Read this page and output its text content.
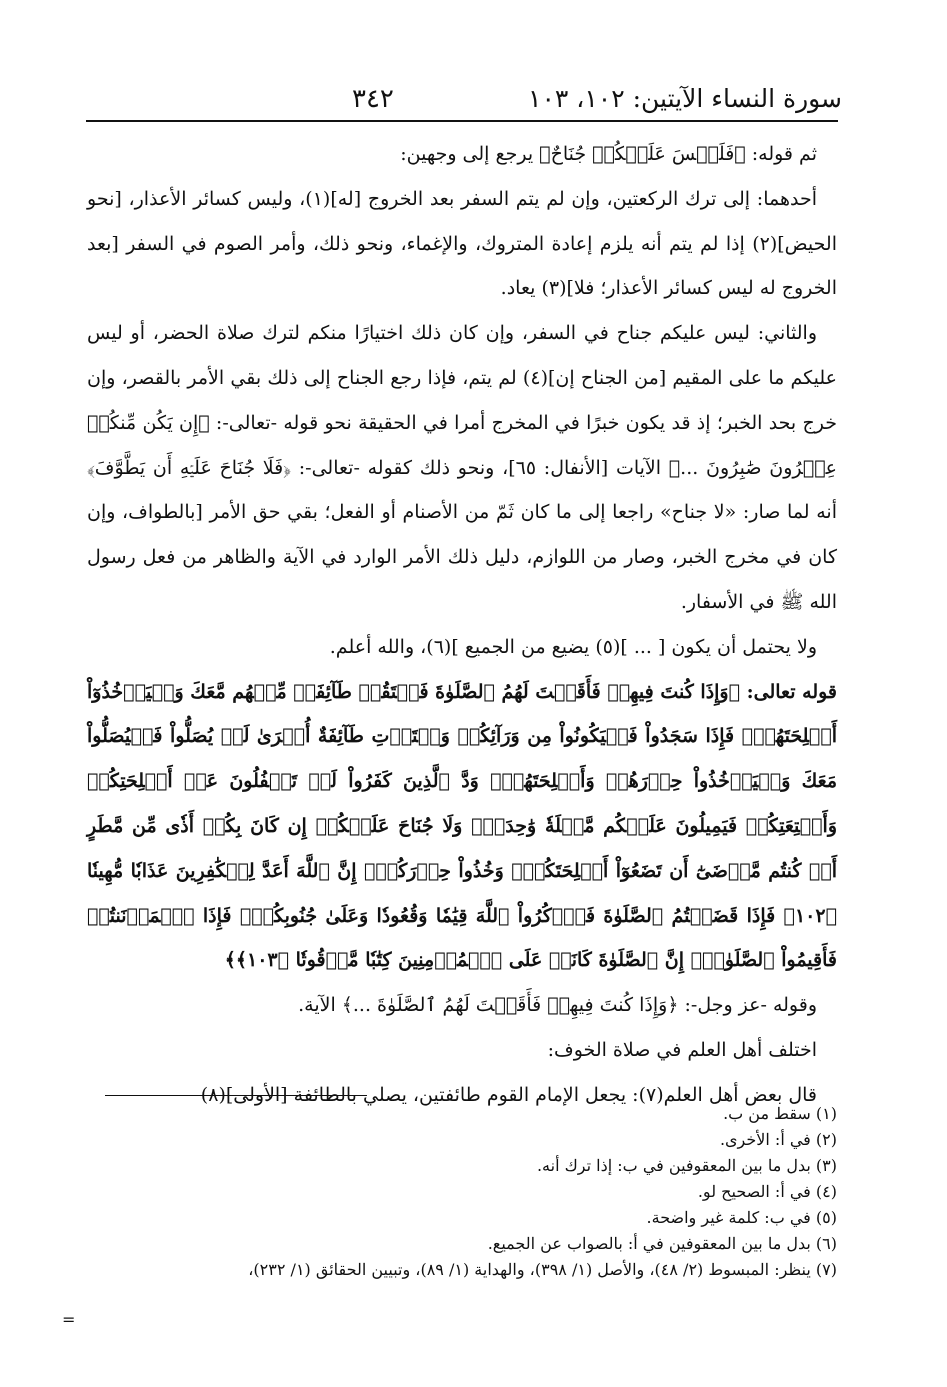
سورة النساء الآيتين: ١٠٢، ١٠٣
٣٤٢

ثم قوله: ﴿فَلَيۡسَ عَلَيۡكُمۡ جُنَاحٌ﴾ يرجع إلى وجهين:

أحدهما: إلى ترك الركعتين، وإن لم يتم السفر بعد الخروج [له](١)، وليس كسائر الأعذار، [نحو الحيض](٢) إذا لم يتم أنه يلزم إعادة المتروك، والإغماء، ونحو ذلك، وأمر الصوم في السفر [بعد الخروج له ليس كسائر الأعذار؛ فلا](٣) يعاد.

والثاني: ليس عليكم جناح في السفر، وإن كان ذلك اختيارًا منكم لترك صلاة الحضر، أو ليس عليكم ما على المقيم [من الجناح إن](٤) لم يتم، فإذا رجع الجناح إلى ذلك بقي الأمر بالقصر، وإن خرج بحد الخبر؛ إذ قد يكون خبرًا في المخرج أمرا في الحقيقة نحو قوله -تعالى-: ﴿إِن يَكُن مِّنكُمۡ عِشۡرُونَ صَٰبِرُونَ ...﴾ الآيات [الأنفال: ٦٥]، ونحو ذلك كقوله -تعالى-: ﴿فَلَا جُنَاحَ عَلَيۡهِ أَن يَطَّوَّفَ﴾ أنه لما صار: «لا جناح» راجعا إلى ما كان ثَمّ من الأصنام أو الفعل؛ بقي حق الأمر [بالطواف، وإن كان في مخرج الخبر، وصار من اللوازم، دليل ذلك الأمر الوارد في الآية والظاهر من فعل رسول الله ﷺ في الأسفار.

ولا يحتمل أن يكون [ ... ](٥) يضيع من الجميع ](٦)، والله أعلم.

قوله تعالى: ﴿وَإِذَا كُنتَ فِيهِمۡ فَأَقَمۡتَ لَهُمُ ٱلصَّلَوٰةَ فَلۡتَقُمۡ طَآئِفَةٞ مِّنۡهُم مَّعَكَ وَلۡيَأۡخُذُوٓاْ أَسۡلِحَتَهُمۡۖ فَإِذَا سَجَدُواْ فَلۡيَكُونُواْ مِن وَرَآئِكُمۡ وَلۡتَأۡتِ طَآئِفَةٌ أُخۡرَىٰ لَمۡ يُصَلُّواْ فَلۡيُصَلُّواْ مَعَكَ وَلۡيَأۡخُذُواْ حِذۡرَهُمۡ وَأَسۡلِحَتَهُمۡۗ وَدَّ ٱلَّذِينَ كَفَرُواْ لَوۡ تَغۡفُلُونَ عَنۡ أَسۡلِحَتِكُمۡ وَأَمۡتِعَتِكُمۡ فَيَمِيلُونَ عَلَيۡكُم مَّيۡلَةٗ وَٰحِدَةٗۚ وَلَا جُنَاحَ عَلَيۡكُمۡ إِن كَانَ بِكُمۡ أَذٗى مِّن مَّطَرٍ أَوۡ كُنتُم مَّرۡضَىٰٓ أَن تَضَعُوٓاْ أَسۡلِحَتَكُمۡۖ وَخُذُواْ حِذۡرَكُمۡۗ إِنَّ ٱللَّهَ أَعَدَّ لِلۡكَٰفِرِينَ عَذَابٗا مُّهِينٗا ﴿١٠٢﴾ فَإِذَا قَضَيۡتُمُ ٱلصَّلَوٰةَ فَٱذۡكُرُواْ ٱللَّهَ قِيَٰمٗا وَقُعُودٗا وَعَلَىٰ جُنُوبِكُمۡۚ فَإِذَا ٱطۡمَأۡنَنتُمۡ فَأَقِيمُواْ ٱلصَّلَوٰةَۚ إِنَّ ٱلصَّلَوٰةَ كَانَتۡ عَلَى ٱلۡمُؤۡمِنِينَ كِتَٰبٗا مَّوۡقُوتٗا ﴿١٠٣﴾﴾

وقوله -عز وجل-: ﴿وَإِذَا كُنتَ فِيهِمۡ فَأَقَمۡتَ لَهُمُ ٱلصَّلَوٰةَ ...﴾ الآية.

اختلف أهل العلم في صلاة الخوف:

قال بعض أهل العلم(٧): يجعل الإمام القوم طائفتين، يصلي بالطائفة [الأولى](٨)

(١) سقط من ب.

(٢) في أ: الأخرى.

(٣) بدل ما بين المعقوفين في ب: إذا ترك أنه.

(٤) في أ: الصحيح لو.

(٥) في ب: كلمة غير واضحة.

(٦) بدل ما بين المعقوفين في أ: بالصواب عن الجميع.

(٧) ينظر: المبسوط (٢/ ٤٨)، والأصل (١/ ٣٩٨)، والهداية (١/ ٨٩)، وتبيين الحقائق (١/ ٢٣٢)،

=
